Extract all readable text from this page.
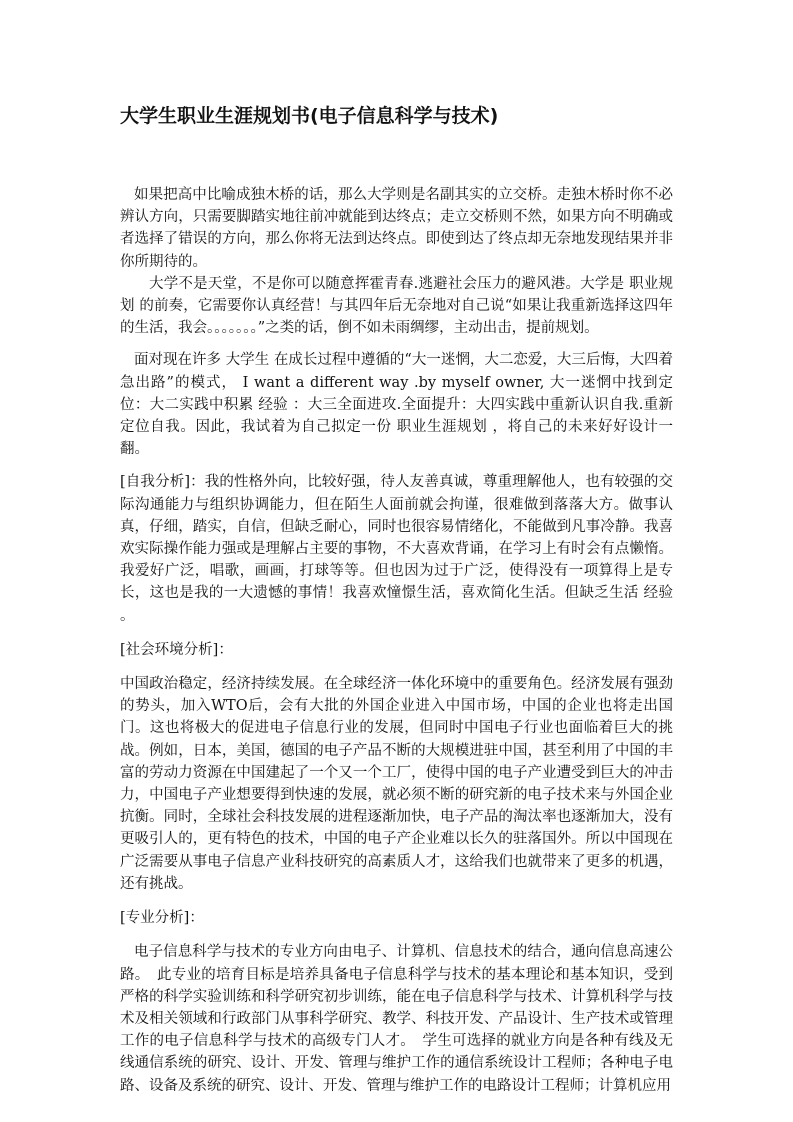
大学生职业生涯规划书(电子信息科学与技术)

如果把高中比喻成独木桥的话，那么大学则是名副其实的立交桥。走独木桥时你不必辨认方向，只需要脚踏实地往前冲就能到达终点；走立交桥则不然，如果方向不明确或者选择了错误的方向，那么你将无法到达终点。即使到达了终点却无奈地发现结果并非你所期待的。

大学不是天堂，不是你可以随意挥霍青春.逃避社会压力的避风港。大学是 职业规划 的前奏，它需要你认真经营！与其四年后无奈地对自己说“如果让我重新选择这四年的生活，我会。。。。。。。”之类的话，倒不如未雨绸缪，主动出击，提前规划。

面对现在许多 大学生 在成长过程中遵循的“大一迷惘，大二恋爱，大三后悔，大四着急出路”的模式， I want a different way .by myself owner, 大一迷惘中找到定位：大二实践中积累 经验 ：大三全面进攻.全面提升：大四实践中重新认识自我.重新定位自我。因此，我试着为自己拟定一份 职业生涯规划 ，将自己的未来好好设计一翻。

[自我分析]：我的性格外向，比较好强，待人友善真诚，尊重理解他人，也有较强的交际沟通能力与组织协调能力，但在陌生人面前就会拘谨，很难做到落落大方。做事认真，仔细，踏实，自信，但缺乏耐心，同时也很容易情绪化，不能做到凡事冷静。我喜欢实际操作能力强或是理解占主要的事物，不大喜欢背诵，在学习上有时会有点懒惰。我爱好广泛，唱歌，画画，打球等等。但也因为过于广泛，使得没有一项算得上是专长，这也是我的一大遗憾的事情！我喜欢憧憬生活，喜欢简化生活。但缺乏生活 经验 。

[社会环境分析]：

中国政治稳定，经济持续发展。在全球经济一体化环境中的重要角色。经济发展有强劲的势头，加入WTO后，会有大批的外国企业进入中国市场，中国的企业也将走出国门。这也将极大的促进电子信息行业的发展，但同时中国电子行业也面临着巨大的挑战。例如，日本，美国，德国的电子产品不断的大规模进驻中国，甚至利用了中国的丰富的劳动力资源在中国建起了一个又一个工厂，使得中国的电子产业遭受到巨大的冲击力，中国电子产业想要得到快速的发展，就必须不断的研究新的电子技术来与外国企业抗衡。同时，全球社会科技发展的进程逐渐加快，电子产品的淘汰率也逐渐加大，没有更吸引人的，更有特色的技术，中国的电子产企业难以长久的驻落国外。所以中国现在广泛需要从事电子信息产业科技研究的高素质人才，这给我们也就带来了更多的机遇，还有挑战。

[专业分析]：

电子信息科学与技术的专业方向由电子、计算机、信息技术的结合，通向信息高速公路。　此专业的培育目标是培养具备电子信息科学与技术的基本理论和基本知识，受到严格的科学实验训练和科学研究初步训练，能在电子信息科学与技术、计算机科学与技术及相关领域和行政部门从事科学研究、教学、科技开发、产品设计、生产技术或管理工作的电子信息科学与技术的高级专门人才。　学生可选择的就业方向是各种有线及无线通信系统的研究、设计、开发、管理与维护工作的通信系统设计工程师；各种电子电路、设备及系统的研究、设计、开发、管理与维护工作的电路设计工程师；计算机应用
